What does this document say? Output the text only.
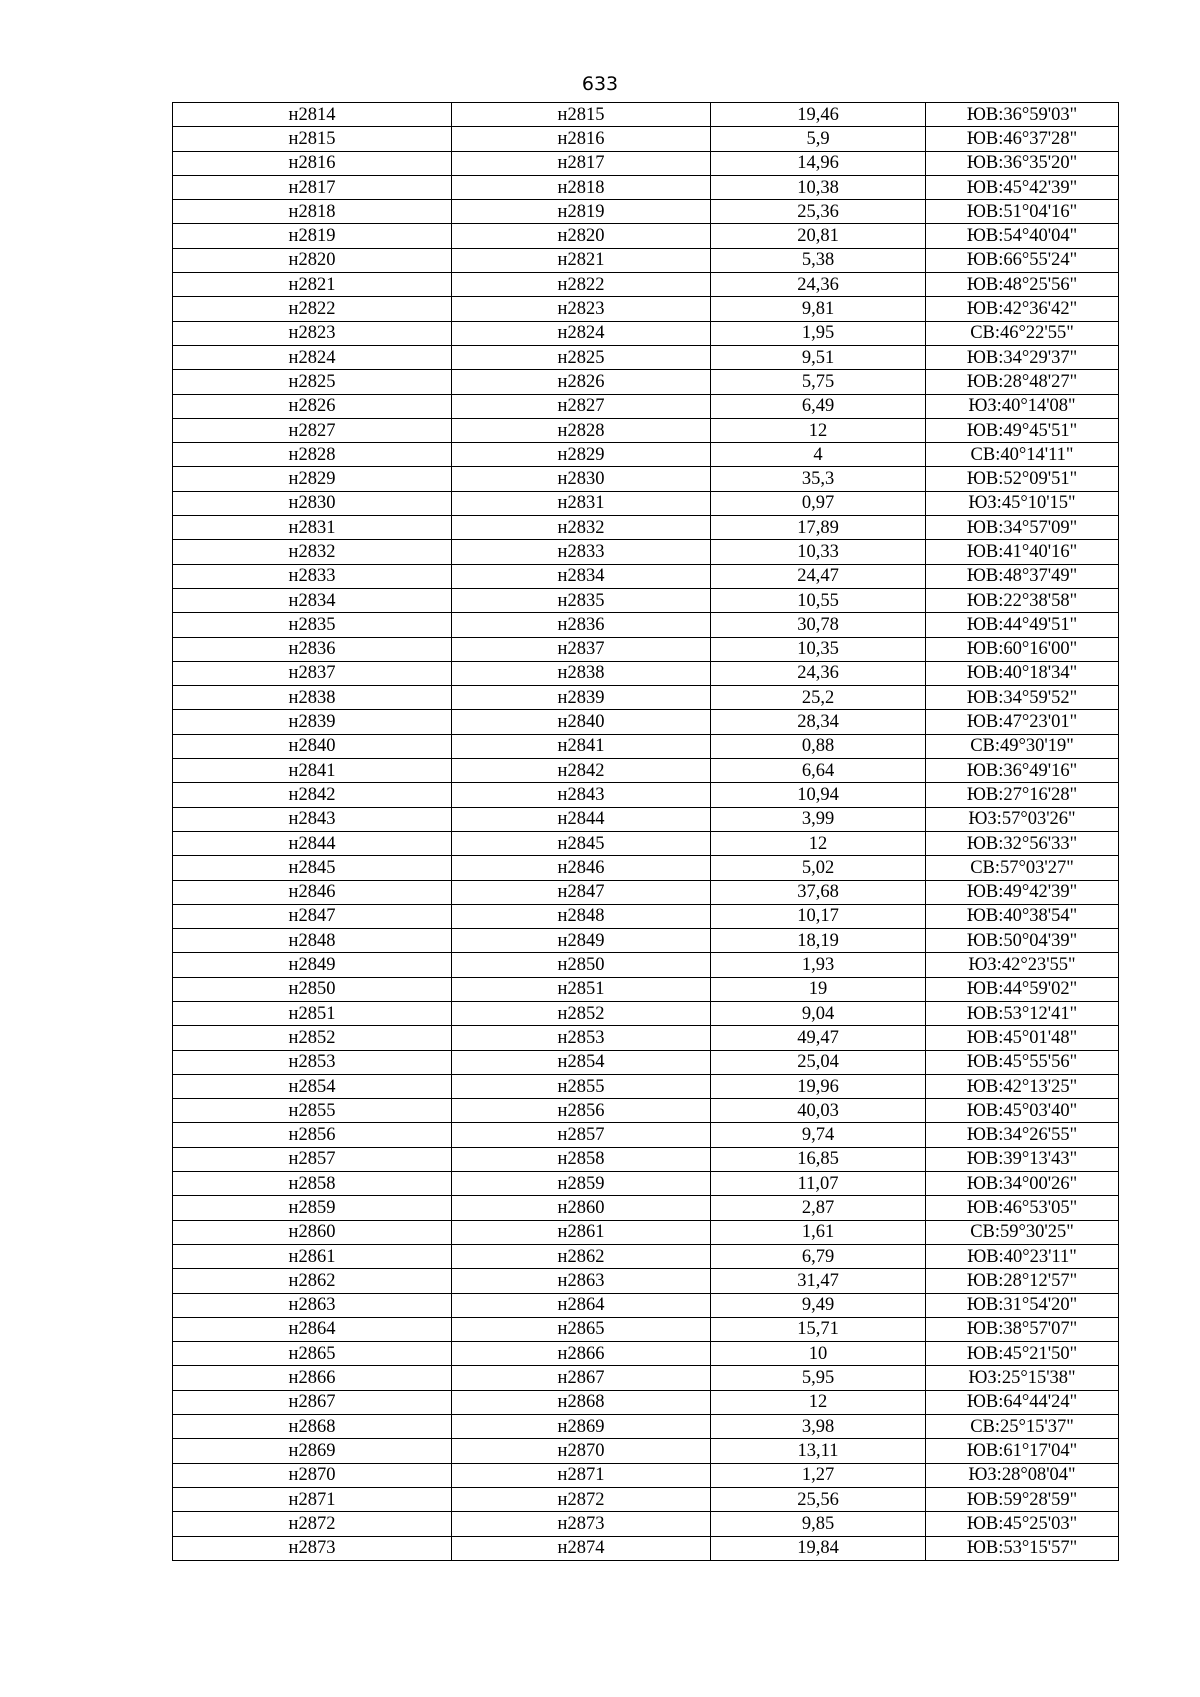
633
н2814	н2815	19,46	ЮВ:36°59'03"
н2815	н2816	5,9	ЮВ:46°37'28"
н2816	н2817	14,96	ЮВ:36°35'20"
н2817	н2818	10,38	ЮВ:45°42'39"
н2818	н2819	25,36	ЮВ:51°04'16"
н2819	н2820	20,81	ЮВ:54°40'04"
н2820	н2821	5,38	ЮВ:66°55'24"
н2821	н2822	24,36	ЮВ:48°25'56"
н2822	н2823	9,81	ЮВ:42°36'42"
н2823	н2824	1,95	СВ:46°22'55"
н2824	н2825	9,51	ЮВ:34°29'37"
н2825	н2826	5,75	ЮВ:28°48'27"
н2826	н2827	6,49	ЮЗ:40°14'08"
н2827	н2828	12	ЮВ:49°45'51"
н2828	н2829	4	СВ:40°14'11"
н2829	н2830	35,3	ЮВ:52°09'51"
н2830	н2831	0,97	ЮЗ:45°10'15"
н2831	н2832	17,89	ЮВ:34°57'09"
н2832	н2833	10,33	ЮВ:41°40'16"
н2833	н2834	24,47	ЮВ:48°37'49"
н2834	н2835	10,55	ЮВ:22°38'58"
н2835	н2836	30,78	ЮВ:44°49'51"
н2836	н2837	10,35	ЮВ:60°16'00"
н2837	н2838	24,36	ЮВ:40°18'34"
н2838	н2839	25,2	ЮВ:34°59'52"
н2839	н2840	28,34	ЮВ:47°23'01"
н2840	н2841	0,88	СВ:49°30'19"
н2841	н2842	6,64	ЮВ:36°49'16"
н2842	н2843	10,94	ЮВ:27°16'28"
н2843	н2844	3,99	ЮЗ:57°03'26"
н2844	н2845	12	ЮВ:32°56'33"
н2845	н2846	5,02	СВ:57°03'27"
н2846	н2847	37,68	ЮВ:49°42'39"
н2847	н2848	10,17	ЮВ:40°38'54"
н2848	н2849	18,19	ЮВ:50°04'39"
н2849	н2850	1,93	ЮЗ:42°23'55"
н2850	н2851	19	ЮВ:44°59'02"
н2851	н2852	9,04	ЮВ:53°12'41"
н2852	н2853	49,47	ЮВ:45°01'48"
н2853	н2854	25,04	ЮВ:45°55'56"
н2854	н2855	19,96	ЮВ:42°13'25"
н2855	н2856	40,03	ЮВ:45°03'40"
н2856	н2857	9,74	ЮВ:34°26'55"
н2857	н2858	16,85	ЮВ:39°13'43"
н2858	н2859	11,07	ЮВ:34°00'26"
н2859	н2860	2,87	ЮВ:46°53'05"
н2860	н2861	1,61	СВ:59°30'25"
н2861	н2862	6,79	ЮВ:40°23'11"
н2862	н2863	31,47	ЮВ:28°12'57"
н2863	н2864	9,49	ЮВ:31°54'20"
н2864	н2865	15,71	ЮВ:38°57'07"
н2865	н2866	10	ЮВ:45°21'50"
н2866	н2867	5,95	ЮЗ:25°15'38"
н2867	н2868	12	ЮВ:64°44'24"
н2868	н2869	3,98	СВ:25°15'37"
н2869	н2870	13,11	ЮВ:61°17'04"
н2870	н2871	1,27	ЮЗ:28°08'04"
н2871	н2872	25,56	ЮВ:59°28'59"
н2872	н2873	9,85	ЮВ:45°25'03"
н2873	н2874	19,84	ЮВ:53°15'57"
